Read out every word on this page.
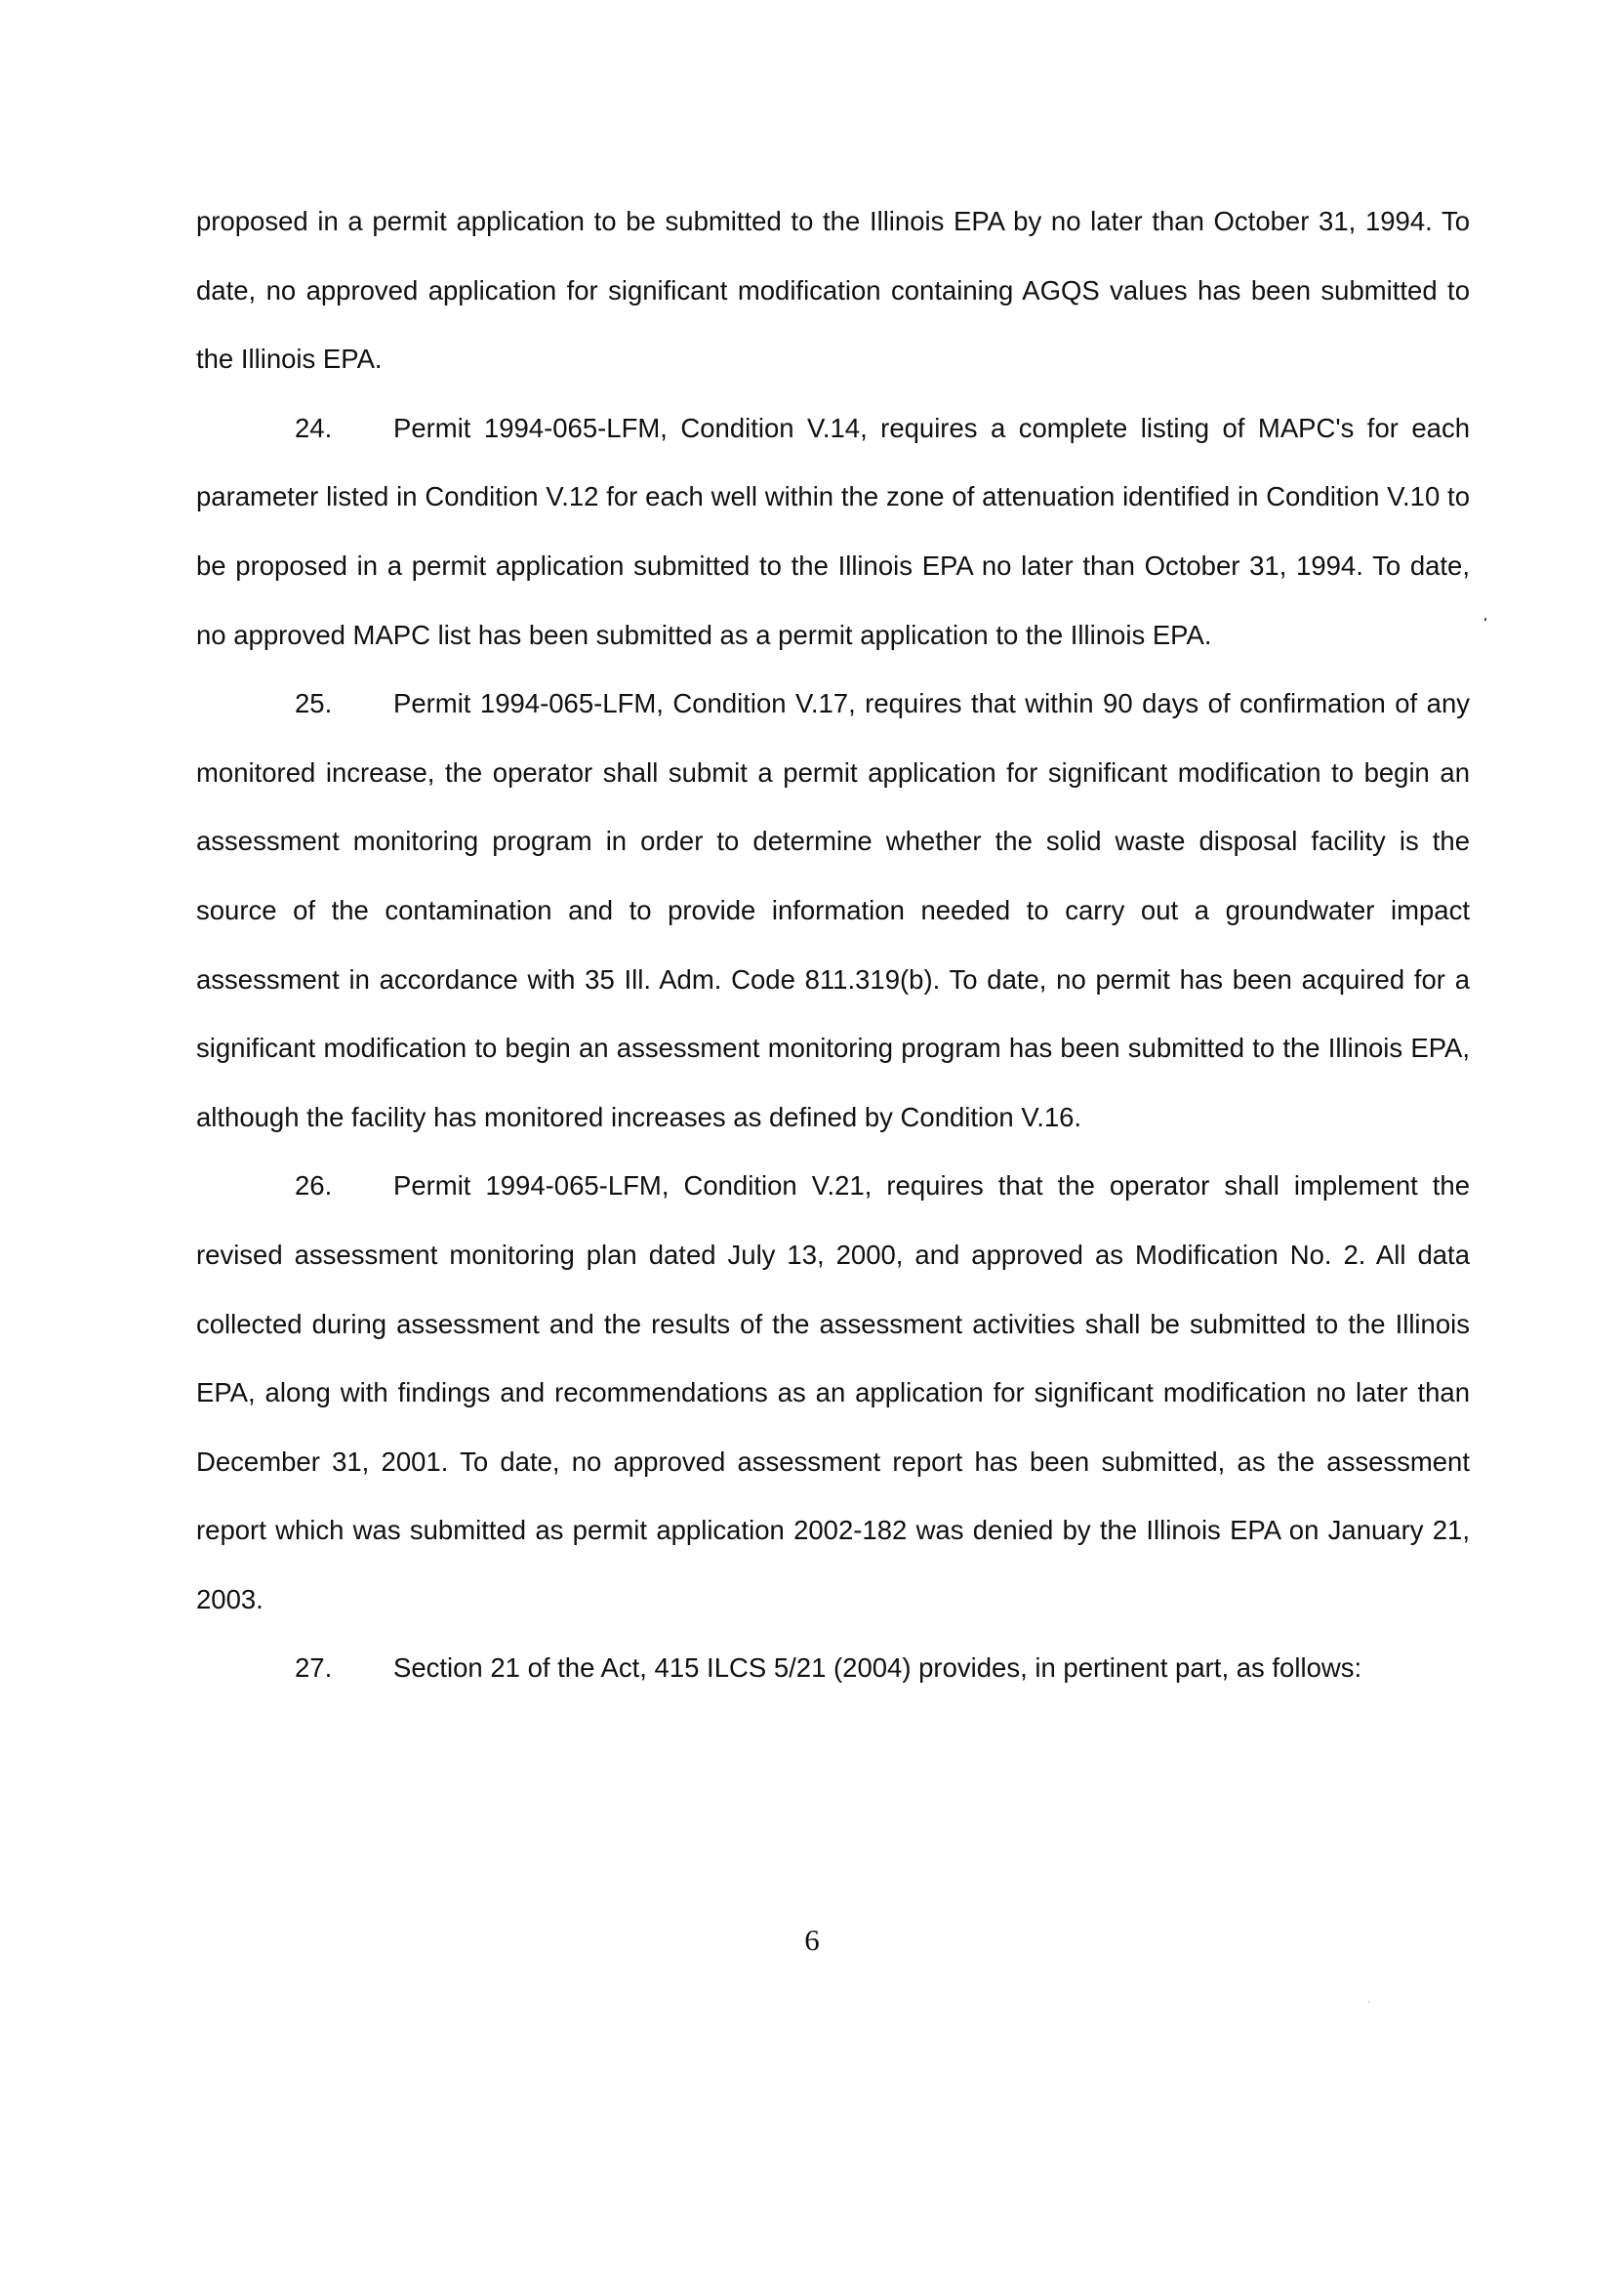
proposed in a permit application to be submitted to the Illinois EPA by no later than October 31, 1994. To date, no approved application for significant modification containing AGQS values has been submitted to the Illinois EPA.

24. Permit 1994-065-LFM, Condition V.14, requires a complete listing of MAPC's for each parameter listed in Condition V.12 for each well within the zone of attenuation identified in Condition V.10 to be proposed in a permit application submitted to the Illinois EPA no later than October 31, 1994. To date, no approved MAPC list has been submitted as a permit application to the Illinois EPA.

25. Permit 1994-065-LFM, Condition V.17, requires that within 90 days of confirmation of any monitored increase, the operator shall submit a permit application for significant modification to begin an assessment monitoring program in order to determine whether the solid waste disposal facility is the source of the contamination and to provide information needed to carry out a groundwater impact assessment in accordance with 35 Ill. Adm. Code 811.319(b). To date, no permit has been acquired for a significant modification to begin an assessment monitoring program has been submitted to the Illinois EPA, although the facility has monitored increases as defined by Condition V.16.

26. Permit 1994-065-LFM, Condition V.21, requires that the operator shall implement the revised assessment monitoring plan dated July 13, 2000, and approved as Modification No. 2. All data collected during assessment and the results of the assessment activities shall be submitted to the Illinois EPA, along with findings and recommendations as an application for significant modification no later than December 31, 2001. To date, no approved assessment report has been submitted, as the assessment report which was submitted as permit application 2002-182 was denied by the Illinois EPA on January 21, 2003.

27. Section 21 of the Act, 415 ILCS 5/21 (2004) provides, in pertinent part, as follows:

6
